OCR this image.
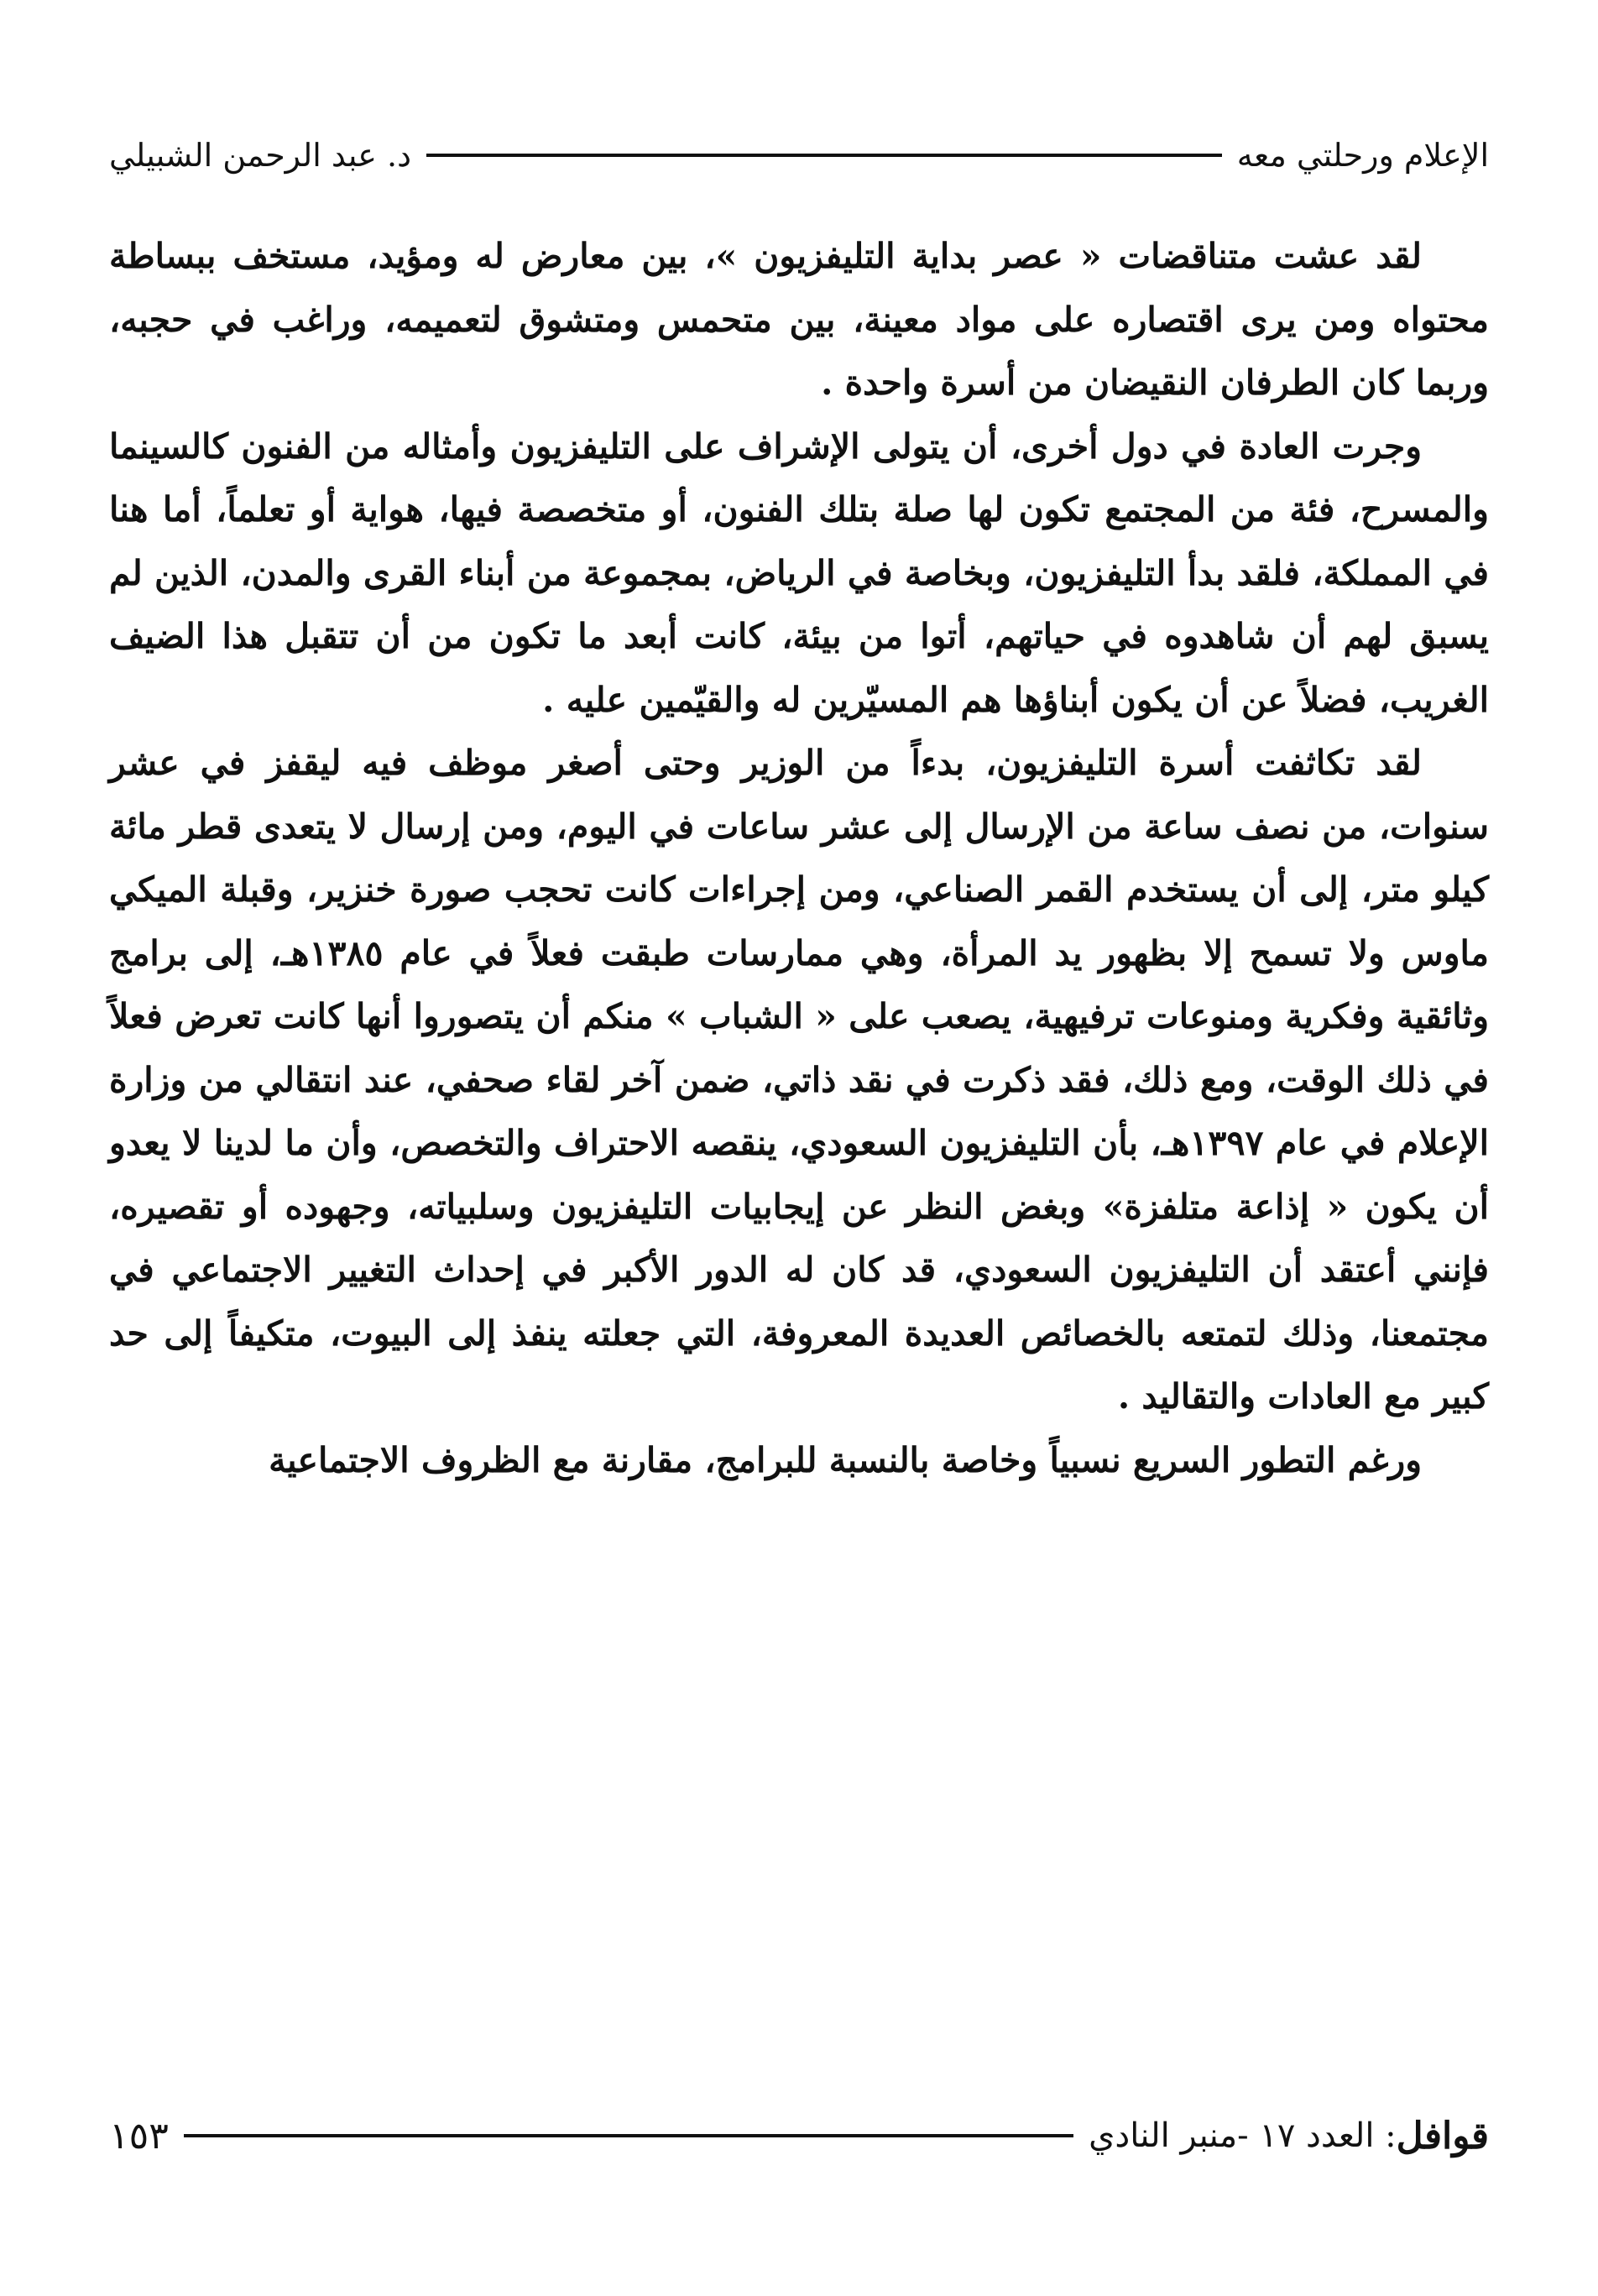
الإعلام ورحلتي معه
د. عبد الرحمن الشبيلي

لقد عشت متناقضات « عصر بداية التليفزيون »، بين معارض له ومؤيد، مستخف ببساطة محتواه ومن يرى اقتصاره على مواد معينة، بين متحمس ومتشوق لتعميمه، وراغب في حجبه، وربما كان الطرفان النقيضان من أسرة واحدة .

وجرت العادة في دول أخرى، أن يتولى الإشراف على التليفزيون وأمثاله من الفنون كالسينما والمسرح، فئة من المجتمع تكون لها صلة بتلك الفنون، أو متخصصة فيها، هواية أو تعلماً، أما هنا في المملكة، فلقد بدأ التليفزيون، وبخاصة في الرياض، بمجموعة من أبناء القرى والمدن، الذين لم يسبق لهم أن شاهدوه في حياتهم، أتوا من بيئة، كانت أبعد ما تكون من أن تتقبل هذا الضيف الغريب، فضلاً عن أن يكون أبناؤها هم المسيّرين له والقيّمين عليه .

لقد تكاثفت أسرة التليفزيون، بدءاً من الوزير وحتى أصغر موظف فيه ليقفز في عشر سنوات، من نصف ساعة من الإرسال إلى عشر ساعات في اليوم، ومن إرسال لا يتعدى قطر مائة كيلو متر، إلى أن يستخدم القمر الصناعي، ومن إجراءات كانت تحجب صورة خنزير، وقبلة الميكي ماوس ولا تسمح إلا بظهور يد المرأة، وهي ممارسات طبقت فعلاً في عام ١٣٨٥هـ، إلى برامج وثائقية وفكرية ومنوعات ترفيهية، يصعب على « الشباب » منكم أن يتصوروا أنها كانت تعرض فعلاً في ذلك الوقت، ومع ذلك، فقد ذكرت في نقد ذاتي، ضمن آخر لقاء صحفي، عند انتقالي من وزارة الإعلام في عام ١٣٩٧هـ، بأن التليفزيون السعودي، ينقصه الاحتراف والتخصص، وأن ما لدينا لا يعدو أن يكون « إذاعة متلفزة» وبغض النظر عن إيجابيات التليفزيون وسلبياته، وجهوده أو تقصيره، فإنني أعتقد أن التليفزيون السعودي، قد كان له الدور الأكبر في إحداث التغيير الاجتماعي في مجتمعنا، وذلك لتمتعه بالخصائص العديدة المعروفة، التي جعلته ينفذ إلى البيوت، متكيفاً إلى حد كبير مع العادات والتقاليد .

ورغم التطور السريع نسبياً وخاصة بالنسبة للبرامج، مقارنة مع الظروف الاجتماعية

قوافل
: العدد ١٧ -منبر النادي
١٥٣
